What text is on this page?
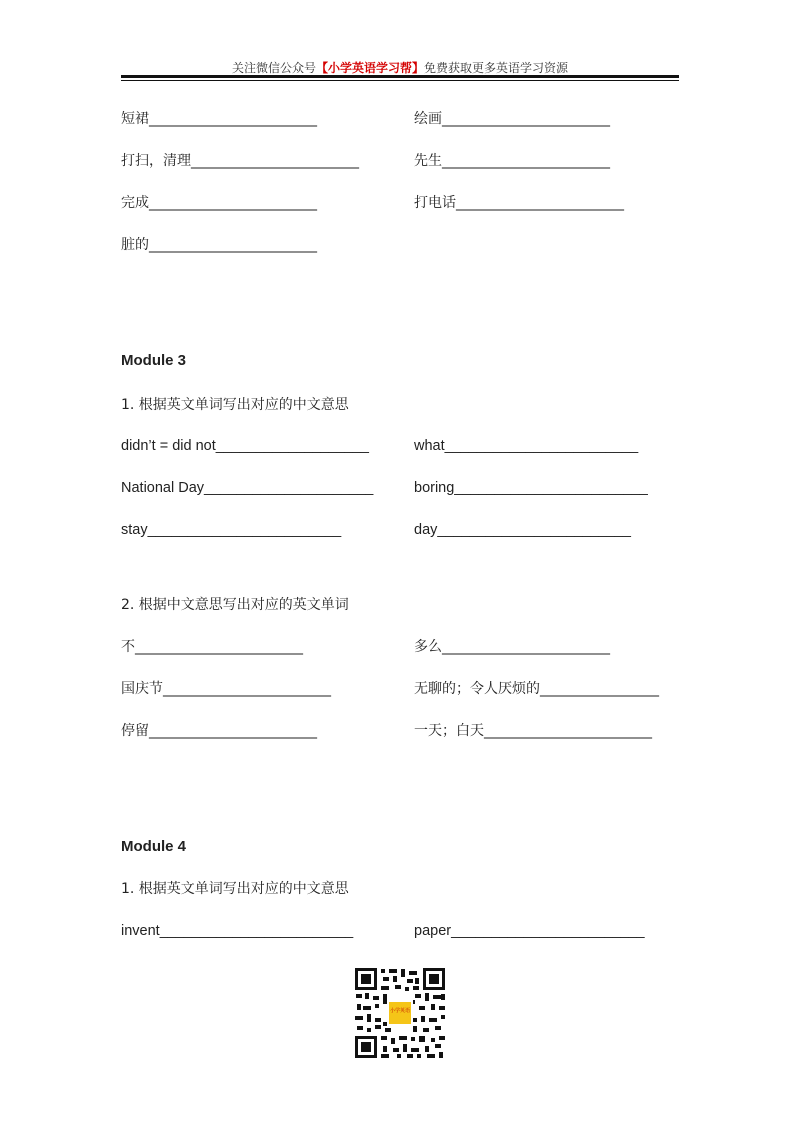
关注微信公众号【小学英语学习帮】免费获取更多英语学习资源
短裙________________________	绘画________________________
打扫，清理________________________	先生________________________
完成________________________	打电话________________________
脏的________________________
Module 3
1. 根据英文单词写出对应的中文意思
didn’t = did not___________________	what________________________
National Day_____________________	boring________________________
stay________________________	day________________________
2. 根据中文意思写出对应的英文单词
不________________________	多么________________________
国庆节________________________	无聊的；令人厌烦的_________________
停留________________________	一天；白天________________________
Module 4
1. 根据英文单词写出对应的中文意思
invent________________________	paper________________________
小学英语
